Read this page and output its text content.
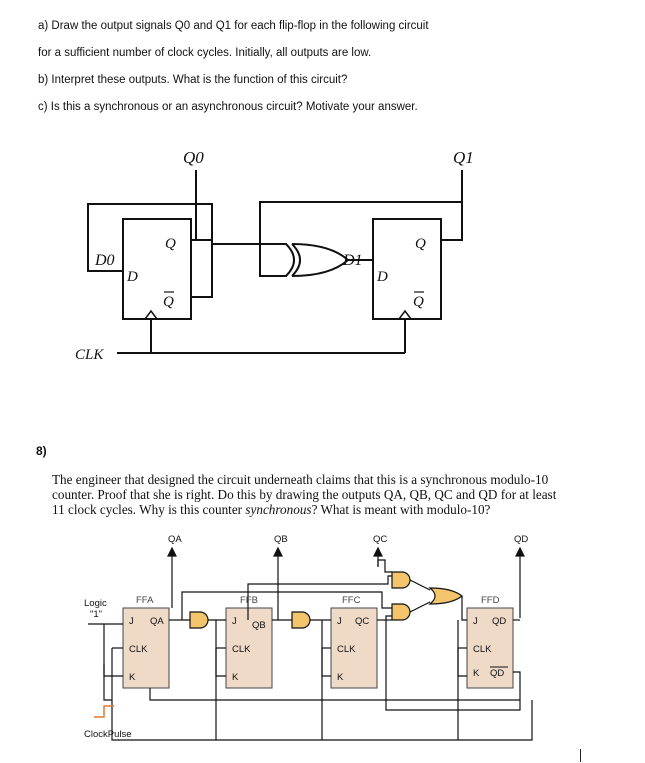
a) Draw the output signals Q0 and Q1 for each flip-flop in the following circuit
for a sufficient number of clock cycles. Initially, all outputs are low.
b) Interpret these outputs. What is the function of this circuit?
c) Is this a synchronous or an asynchronous circuit? Motivate your answer.
Q0	Q1
D0	D1
D	D
Q	Q
Q	Q
CLK
8)
The engineer that designed the circuit underneath claims that this is a synchronous modulo-10
counter. Proof that she is right. Do this by drawing the outputs QA, QB, QC and QD for at least
11 clock cycles. Why is this counter synchronous? What is meant with modulo-10?
QA	QB	QC	QD
FFA	FFB	FFC	FFD
Logic
"1"
J QA
CLK
K
J QB
CLK
K
J QC
CLK
K
J QD
CLK
K QD
ClockPulse
